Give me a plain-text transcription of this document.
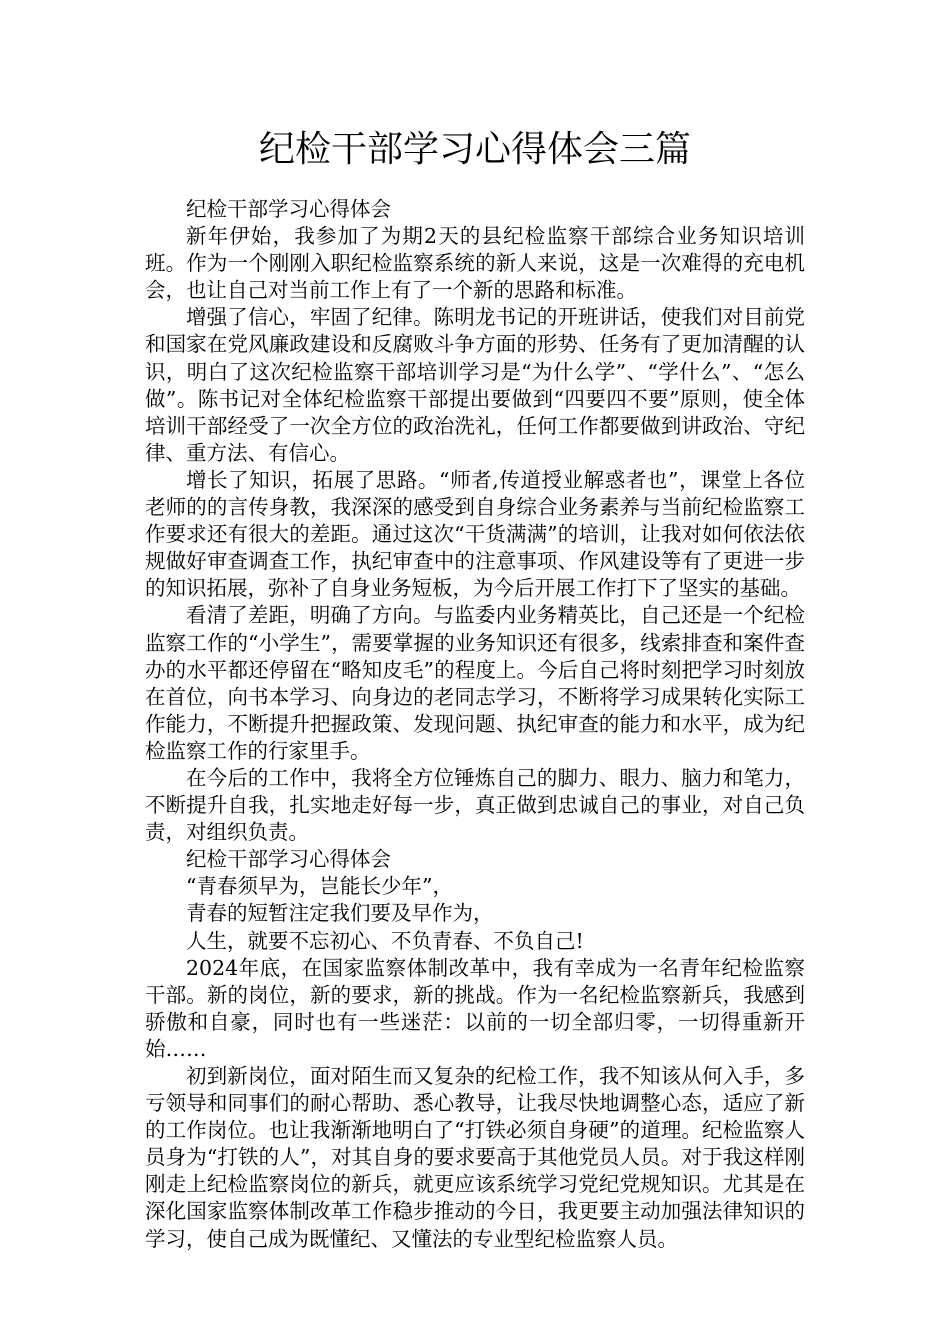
纪检干部学习心得体会三篇

纪检干部学习心得体会

新年伊始，我参加了为期2天的县纪检监察干部综合业务知识培训班。作为一个刚刚入职纪检监察系统的新人来说，这是一次难得的充电机会，也让自己对当前工作上有了一个新的思路和标准。

增强了信心，牢固了纪律。陈明龙书记的开班讲话，使我们对目前党和国家在党风廉政建设和反腐败斗争方面的形势、任务有了更加清醒的认识，明白了这次纪检监察干部培训学习是“为什么学”、“学什么”、“怎么做”。陈书记对全体纪检监察干部提出要做到“四要四不要”原则，使全体培训干部经受了一次全方位的政治洗礼，任何工作都要做到讲政治、守纪律、重方法、有信心。

增长了知识，拓展了思路。“师者,传道授业解惑者也”，课堂上各位老师的的言传身教，我深深的感受到自身综合业务素养与当前纪检监察工作要求还有很大的差距。通过这次“干货满满”的培训，让我对如何依法依规做好审查调查工作，执纪审查中的注意事项、作风建设等有了更进一步的知识拓展，弥补了自身业务短板，为今后开展工作打下了坚实的基础。

看清了差距，明确了方向。与监委内业务精英比，自己还是一个纪检监察工作的“小学生”，需要掌握的业务知识还有很多，线索排查和案件查办的水平都还停留在“略知皮毛”的程度上。今后自己将时刻把学习时刻放在首位，向书本学习、向身边的老同志学习，不断将学习成果转化实际工作能力，不断提升把握政策、发现问题、执纪审查的能力和水平，成为纪检监察工作的行家里手。

在今后的工作中，我将全方位锤炼自己的脚力、眼力、脑力和笔力，不断提升自我，扎实地走好每一步，真正做到忠诚自己的事业，对自己负责，对组织负责。

纪检干部学习心得体会

“青春须早为，岂能长少年”，

青春的短暂注定我们要及早作为，

人生，就要不忘初心、不负青春、不负自己!

2024年底，在国家监察体制改革中，我有幸成为一名青年纪检监察干部。新的岗位，新的要求，新的挑战。作为一名纪检监察新兵，我感到骄傲和自豪，同时也有一些迷茫：以前的一切全部归零，一切得重新开始……

初到新岗位，面对陌生而又复杂的纪检工作，我不知该从何入手，多亏领导和同事们的耐心帮助、悉心教导，让我尽快地调整心态，适应了新的工作岗位。也让我渐渐地明白了“打铁必须自身硬”的道理。纪检监察人员身为“打铁的人”，对其自身的要求要高于其他党员人员。对于我这样刚刚走上纪检监察岗位的新兵，就更应该系统学习党纪党规知识。尤其是在深化国家监察体制改革工作稳步推动的今日，我更要主动加强法律知识的学习，使自己成为既懂纪、又懂法的专业型纪检监察人员。
